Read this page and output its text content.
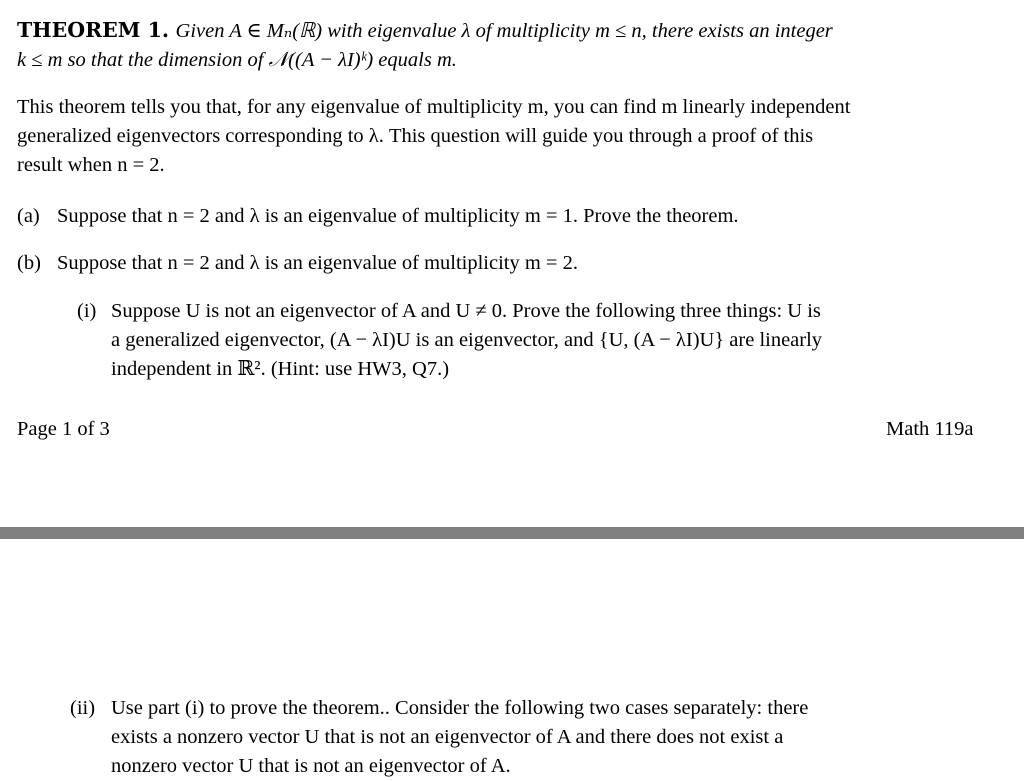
THEOREM 1. Given A ∈ Mₙ(ℝ) with eigenvalue λ of multiplicity m ≤ n, there exists an integer
k ≤ m so that the dimension of 𝒩((A − λI)ᵏ) equals m.
This theorem tells you that, for any eigenvalue of multiplicity m, you can find m linearly independent
generalized eigenvectors corresponding to λ. This question will guide you through a proof of this
result when n = 2.
(a) Suppose that n = 2 and λ is an eigenvalue of multiplicity m = 1. Prove the theorem.
(b) Suppose that n = 2 and λ is an eigenvalue of multiplicity m = 2.
(i) Suppose U is not an eigenvector of A and U ≠ 0. Prove the following three things: U is
a generalized eigenvector, (A − λI)U is an eigenvector, and {U, (A − λI)U} are linearly
independent in ℝ². (Hint: use HW3, Q7.)
Page 1 of 3	Math 119a
(ii) Use part (i) to prove the theorem.. Consider the following two cases separately: there
exists a nonzero vector U that is not an eigenvector of A and there does not exist a
nonzero vector U that is not an eigenvector of A.
